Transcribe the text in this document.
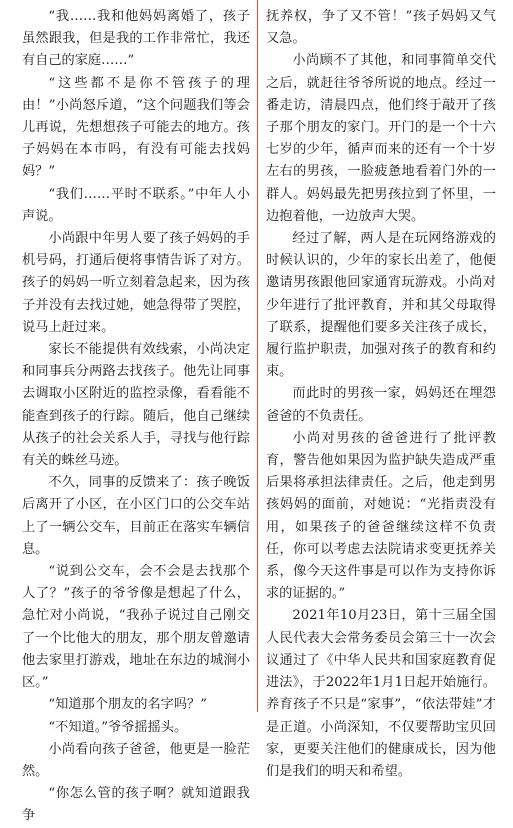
“我……我和他妈妈离婚了，孩子虽然跟我，但是我的工作非常忙，我还有自己的家庭……”

“这些都不是你不管孩子的理由！”小尚怒斥道，“这个问题我们等会儿再说，先想想孩子可能去的地方。孩子妈妈在本市吗，有没有可能去找妈妈？”

“我们……平时不联系。”中年人小声说。

小尚跟中年男人要了孩子妈妈的手机号码，打通后便将事情告诉了对方。孩子的妈妈一听立刻着急起来，因为孩子并没有去找过她，她急得带了哭腔，说马上赶过来。

家长不能提供有效线索，小尚决定和同事兵分两路去找孩子。他先让同事去调取小区附近的监控录像，看看能不能查到孩子的行踪。随后，他自己继续从孩子的社会关系人手，寻找与他行踪有关的蛛丝马迹。

不久，同事的反馈来了：孩子晚饭后离开了小区，在小区门口的公交车站上了一辆公交车，目前正在落实车辆信息。

“说到公交车，会不会是去找那个人了？”孩子的爷爷像是想起了什么，急忙对小尚说，“我孙子说过自己刚交了一个比他大的朋友，那个朋友曾邀请他去家里打游戏，地址在东边的城涧小区。”

“知道那个朋友的名字吗？”

“不知道。”爷爷摇摇头。

小尚看向孩子爸爸，他更是一脸茫然。

“你怎么管的孩子啊？就知道跟我争

抚养权，争了又不管！”孩子妈妈又气又急。

小尚顾不了其他，和同事简单交代之后，就赶往爷爷所说的地点。经过一番走访，清晨四点，他们终于敲开了孩子那个朋友的家门。开门的是一个十六七岁的少年，循声而来的还有一个十岁左右的男孩，一脸疲惫地看着门外的一群人。妈妈最先把男孩拉到了怀里，一边抱着他，一边放声大哭。

经过了解，两人是在玩网络游戏的时候认识的，少年的家长出差了，他便邀请男孩跟他回家通宵玩游戏。小尚对少年进行了批评教育，并和其父母取得了联系，提醒他们要多关注孩子成长，履行监护职责，加强对孩子的教育和约束。

而此时的男孩一家，妈妈还在埋怨爸爸的不负责任。

小尚对男孩的爸爸进行了批评教育，警告他如果因为监护缺失造成严重后果将承担法律责任。之后，他走到男孩妈妈的面前，对她说：“光指责没有用，如果孩子的爸爸继续这样不负责任，你可以考虑去法院请求变更抚养关系，像今天这件事是可以作为支持你诉求的证据的。”

2021年10月23日，第十三届全国人民代表大会常务委员会第三十一次会议通过了《中华人民共和国家庭教育促进法》，于2022年1月1日起开始施行。养育孩子不只是“家事”，“依法带娃”才是正道。小尚深知，不仅要帮助宝贝回家，更要关注他们的健康成长，因为他们是我们的明天和希望。
